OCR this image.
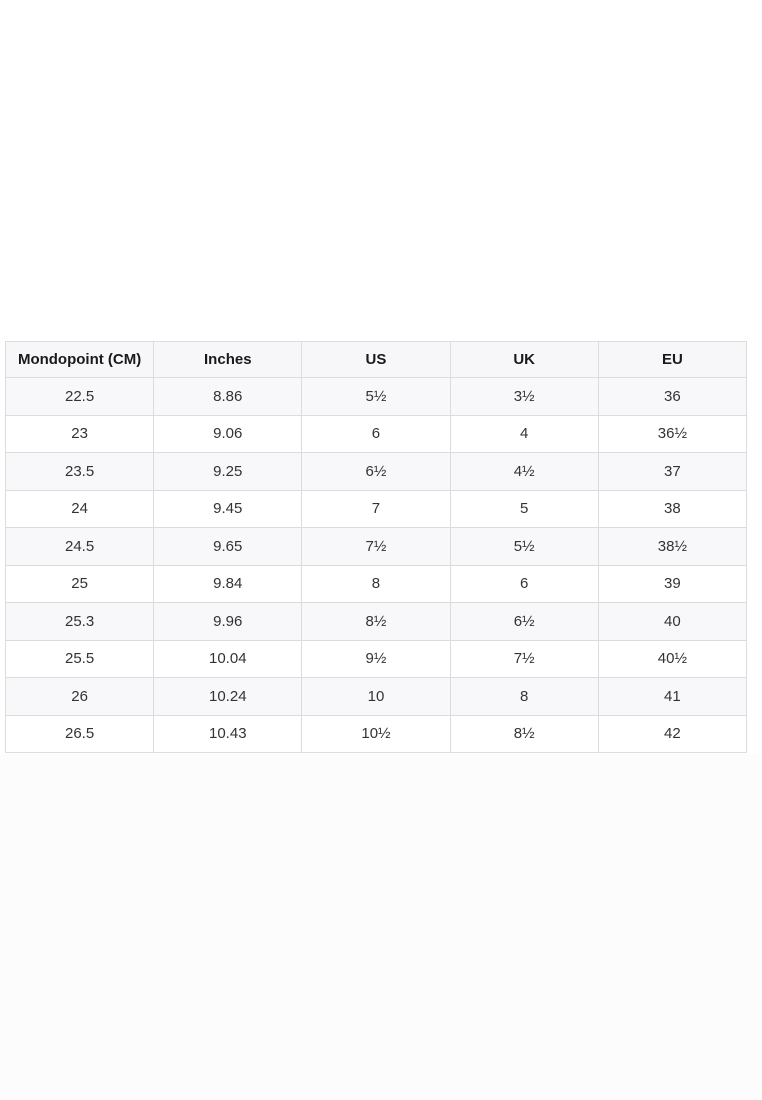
Mondopoint (CM)	Inches	US	UK	EU
22.5	8.86	5½	3½	36
23	9.06	6	4	36½
23.5	9.25	6½	4½	37
24	9.45	7	5	38
24.5	9.65	7½	5½	38½
25	9.84	8	6	39
25.3	9.96	8½	6½	40
25.5	10.04	9½	7½	40½
26	10.24	10	8	41
26.5	10.43	10½	8½	42
